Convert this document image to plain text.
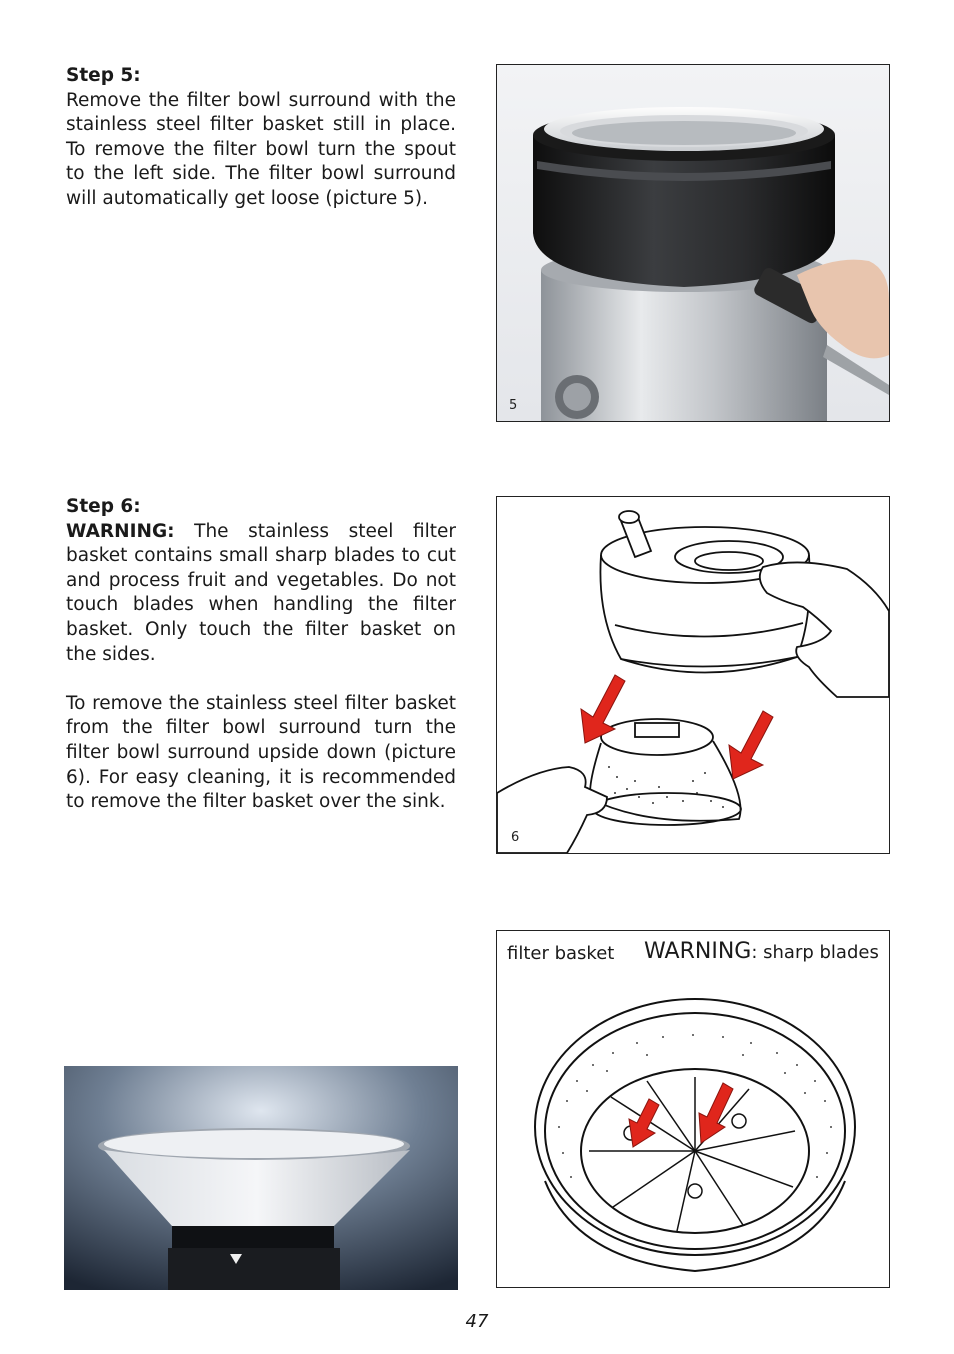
Step 5:

Remove the filter bowl surround with the stainless steel filter basket still in place. To remove the filter bowl turn the spout to the left side. The filter bowl surround will automatically get loose (picture 5).

5
Step 6:

WARNING: The stainless steel filter basket contains small sharp blades to cut and process fruit and vegetables. Do not touch blades when handling the filter basket. Only touch the filter basket on the sides.

To remove the stainless steel filter basket from the filter bowl surround turn the filter bowl surround upside down (picture 6). For easy cleaning, it is recommended to remove the filter basket over the sink.

6
filter basket WARNING: sharp blades
47
